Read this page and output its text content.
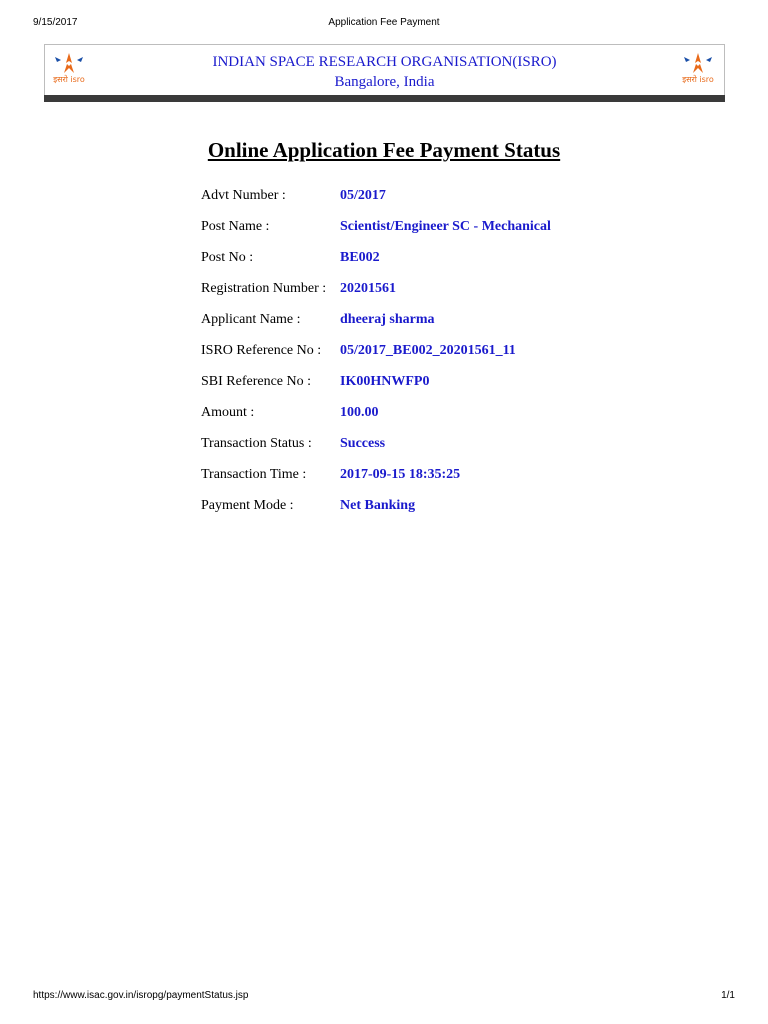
9/15/2017	Application Fee Payment
इसरो isro
INDIAN SPACE RESEARCH ORGANISATION(ISRO)
Bangalore, India	इसरो isro
Online Application Fee Payment Status
Advt Number :	05/2017
Post Name :	Scientist/Engineer SC - Mechanical
Post No :	BE002
Registration Number : 20201561
Applicant Name :	dheeraj sharma
ISRO Reference No : 05/2017_BE002_20201561_11
SBI Reference No : IK00HNWFP0
Amount :	100.00
Transaction Status : Success
Transaction Time : 2017-09-15 18:35:25
Payment Mode :	Net Banking
https://www.isac.gov.in/isropg/paymentStatus.jsp	1/1
